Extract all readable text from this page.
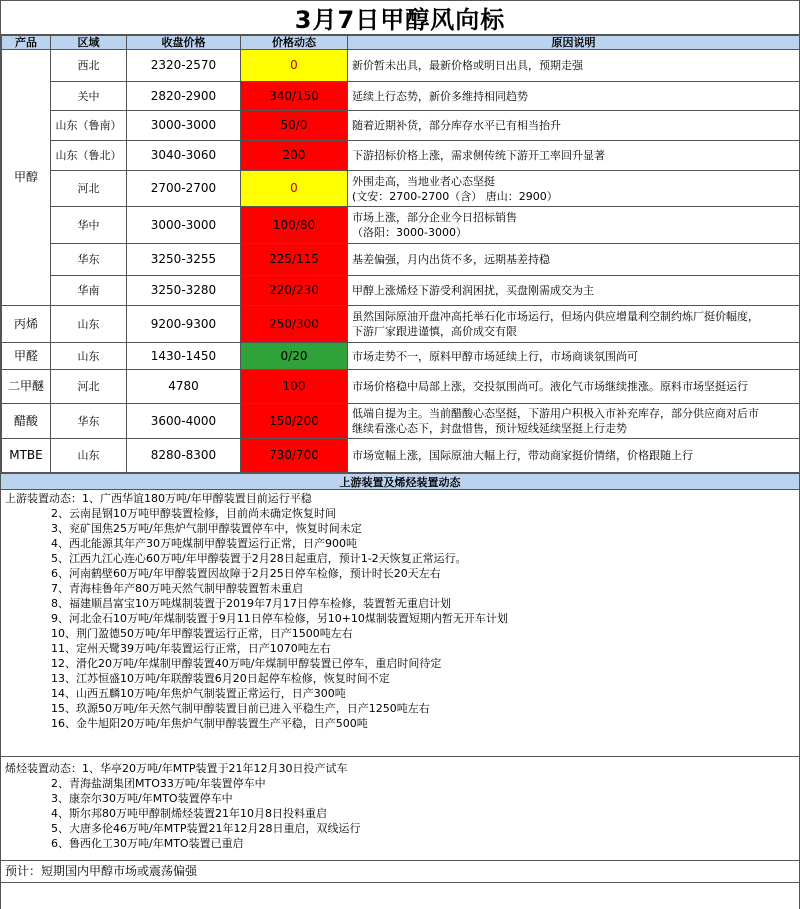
3月7日甲醇风向标
产品	区域	收盘价格	价格动态	原因说明
甲醇	西北	2320-2570	0	新价暂未出具，最新价格或明日出具，预期走强

	关中	2820-2900	340/150	延续上行态势，新价多维持相同趋势

	山东（鲁南）	3000-3000	50/0	随着近期补货，部分库存水平已有相当抬升

	山东（鲁北）	3040-3060	200	下游招标价格上涨，需求侧传统下游开工率回升显著

	河北	2700-2700	0	外围走高，当地业者心态坚挺
(文安：2700-2700（含） 唐山：2900）

	华中	3000-3000	100/80	市场上涨，部分企业今日招标销售
（洛阳：3000-3000）

	华东	3250-3255	225/115	基差偏强，月内出货不多，远期基差持稳

	华南	3250-3280	220/230	甲醇上涨烯烃下游受利润困扰，买盘刚需成交为主

丙烯	山东	9200-9300	250/300	虽然国际原油开盘冲高托举石化市场运行，但场内供应增量利空制约炼厂挺价幅度，
下游厂家跟进谨慎，高价成交有限

甲醛	山东	1430-1450	0/20	市场走势不一，原料甲醇市场延续上行，市场商谈氛围尚可

二甲醚	河北	4780	100	市场价格稳中局部上涨，交投氛围尚可。液化气市场继续推涨。原料市场坚挺运行

醋酸	华东	3600-4000	150/200	低端自提为主。当前醋酸心态坚挺，下游用户积极入市补充库存，部分供应商对后市
继续看涨心态下，封盘惜售，预计短线延续坚挺上行走势

MTBE	山东	8280-8300	730/700	市场宽幅上涨，国际原油大幅上行，带动商家挺价情绪，价格跟随上行
上游装置及烯烃装置动态
上游装置动态：1、广西华谊180万吨/年甲醇装置目前运行平稳
2、云南昆钢10万吨甲醇装置检修，目前尚未确定恢复时间
3、兖矿国焦25万吨/年焦炉气制甲醇装置停车中，恢复时间未定
4、西北能源其年产30万吨煤制甲醇装置运行正常，日产900吨
5、江西九江心连心60万吨/年甲醇装置于2月28日起重启，预计1-2天恢复正常运行。
6、河南鹤壁60万吨/年甲醇装置因故障于2月25日停车检修，预计时长20天左右
7、青海桂鲁年产80万吨天然气制甲醇装置暂未重启
8、福建顺昌富宝10万吨煤制装置于2019年7月17日停车检修，装置暂无重启计划
9、河北金石10万吨/年煤制装置于9月11日停车检修，另10+10煤制装置短期内暂无开车计划
10、荆门盈德50万吨/年甲醇装置运行正常，日产1500吨左右
11、定州天鹭39万吨/年装置运行正常，日产1070吨左右
12、滑化20万吨/年煤制甲醇装置40万吨/年煤制甲醇装置已停车，重启时间待定
13、江苏恒盛10万吨/年联醇装置6月20日起停车检修，恢复时间不定
14、山西五麟10万吨/年焦炉气制装置正常运行，日产300吨
15、玖源50万吨/年天然气制甲醇装置目前已进入平稳生产，日产1250吨左右
16、金牛旭阳20万吨/年焦炉气制甲醇装置生产平稳，日产500吨
烯烃装置动态：1、华亭20万吨/年MTP装置于21年12月30日投产试车
2、青海盐湖集团MTO33万吨/年装置停车中
3、康奈尔30万吨/年MTO装置停车中
4、斯尔邦80万吨甲醇制烯烃装置21年10月8日投料重启
5、大唐多伦46万吨/年MTP装置21年12月28日重启，双线运行
6、鲁西化工30万吨/年MTO装置已重启
预计： 短期国内甲醇市场或震荡偏强
